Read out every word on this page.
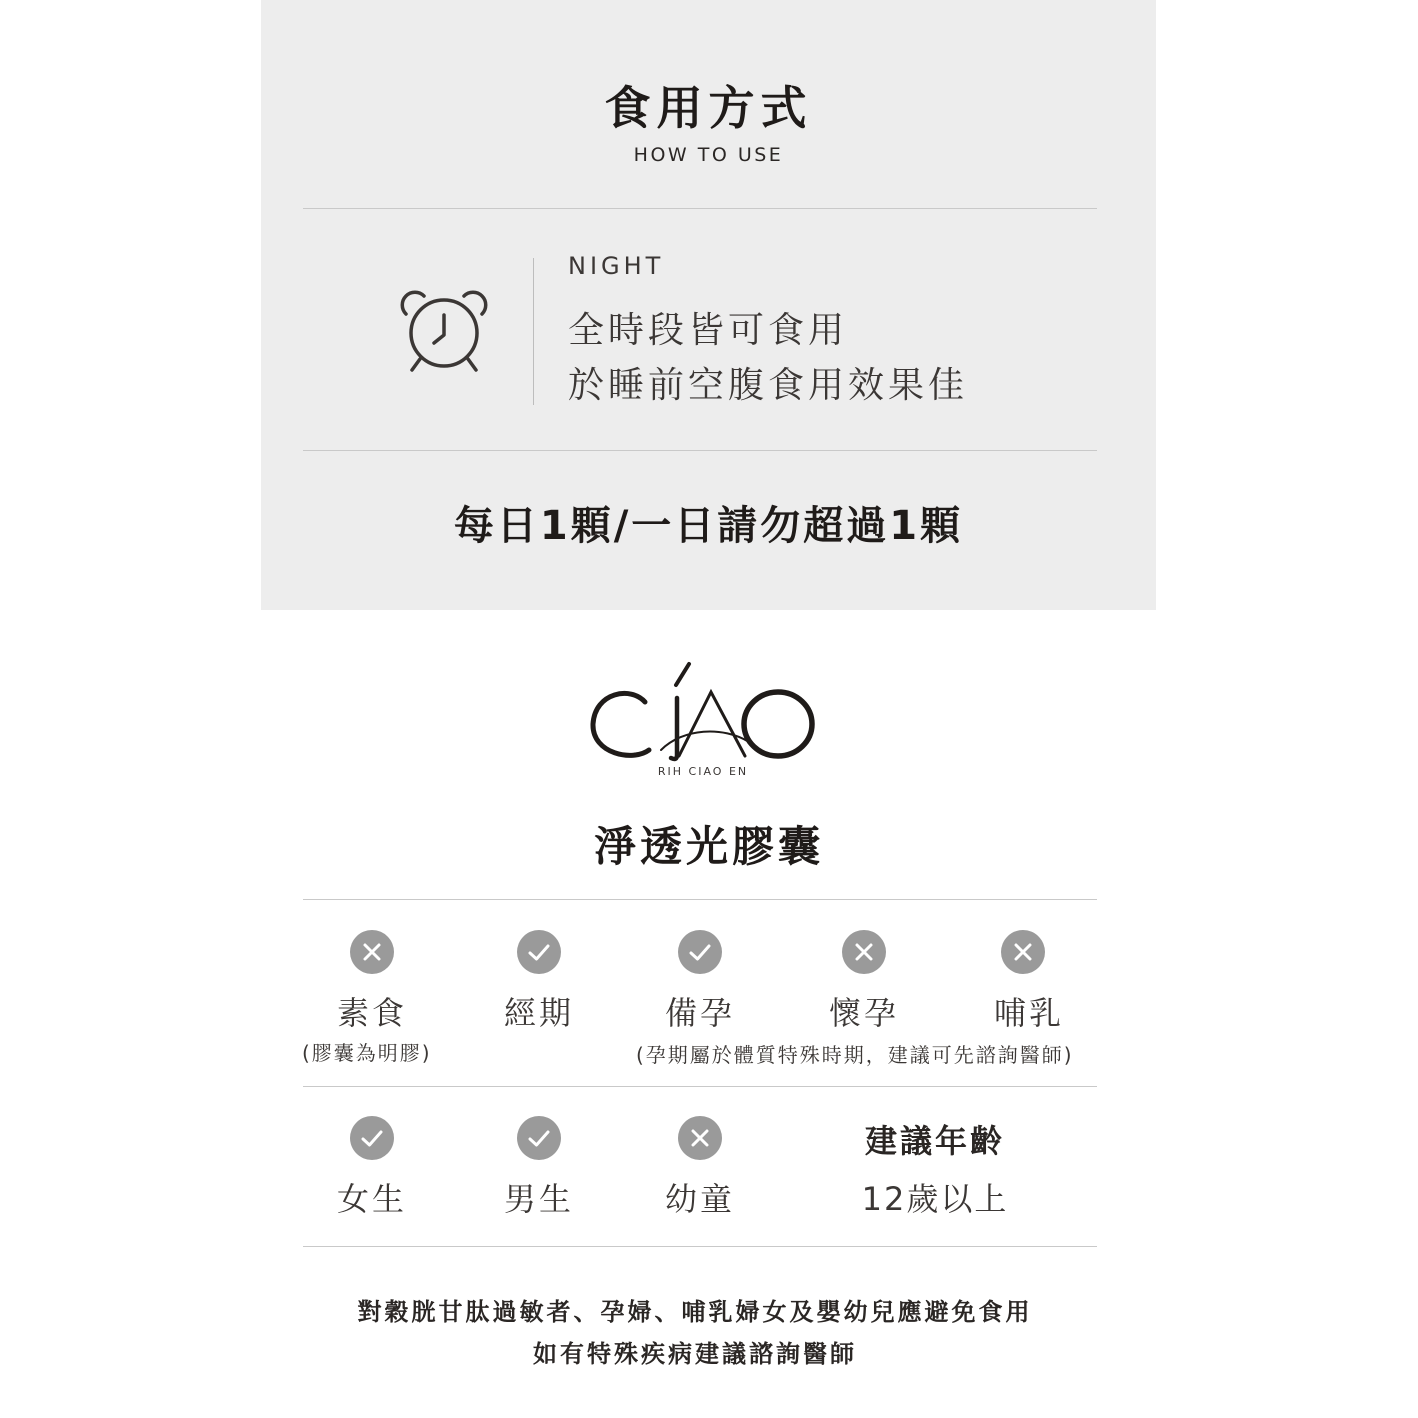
食用方式
HOW TO USE
NIGHT
全時段皆可食用
於睡前空腹食用效果佳
每日1顆/一日請勿超過1顆
RIH CIAO EN
淨透光膠囊
素食	經期	備孕	懷孕	哺乳
(膠囊為明膠)	(孕期屬於體質特殊時期，建議可先諮詢醫師)
女生	男生	幼童
建議年齡
12歲以上
對穀胱甘肽過敏者、孕婦、哺乳婦女及嬰幼兒應避免食用
如有特殊疾病建議諮詢醫師
